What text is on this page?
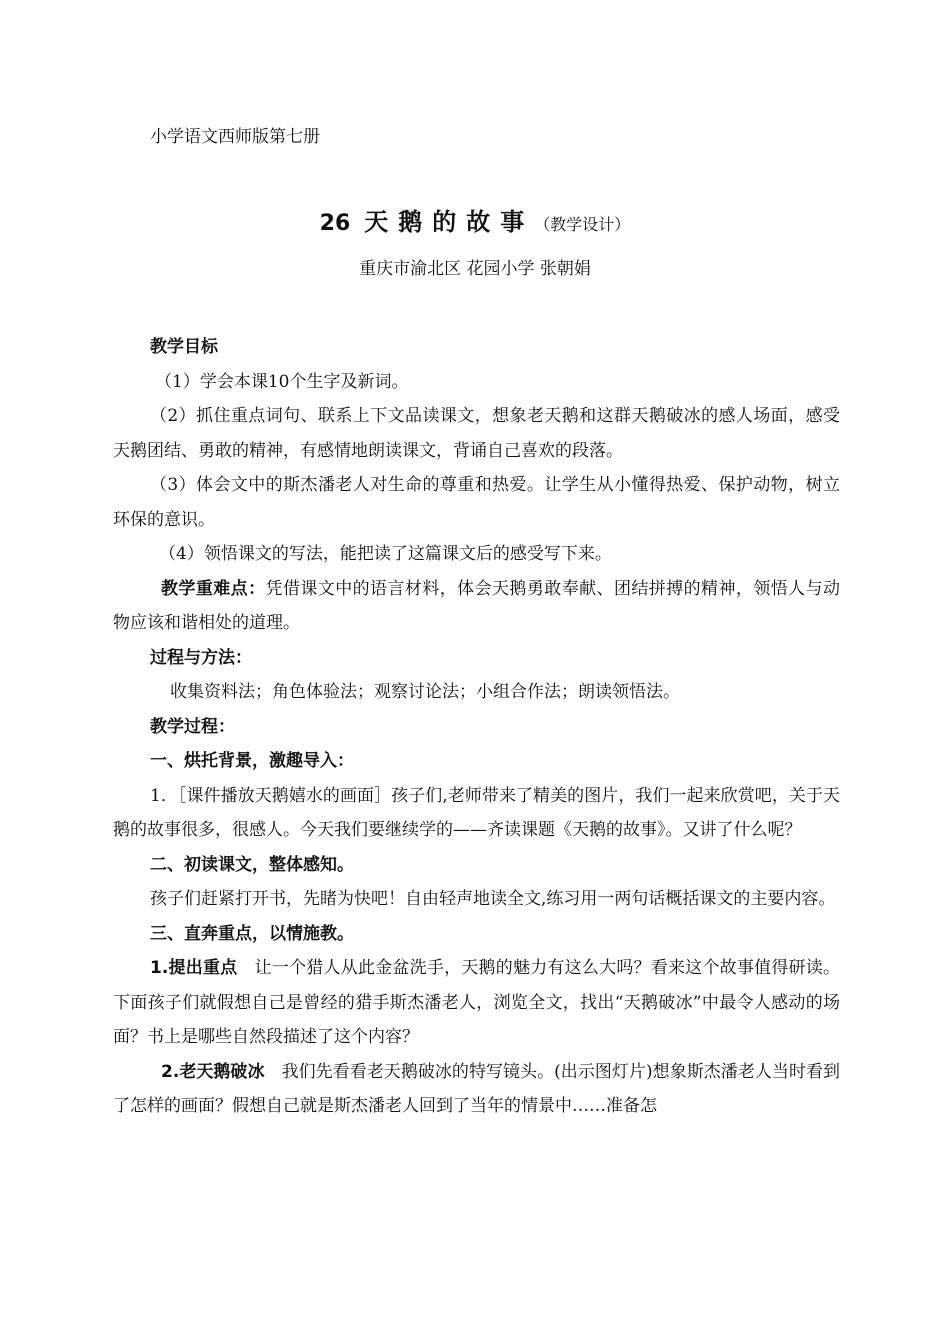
小学语文西师版第七册
26 天鹅的故事（教学设计）
重庆市渝北区 花园小学 张朝娟

教学目标

（1）学会本课10个生字及新词。

（2）抓住重点词句、联系上下文品读课文，想象老天鹅和这群天鹅破冰的感人场面，感受天鹅团结、勇敢的精神，有感情地朗读课文，背诵自己喜欢的段落。

（3）体会文中的斯杰潘老人对生命的尊重和热爱。让学生从小懂得热爱、保护动物，树立环保的意识。

（4）领悟课文的写法，能把读了这篇课文后的感受写下来。

教学重难点：凭借课文中的语言材料，体会天鹅勇敢奉献、团结拼搏的精神，领悟人与动物应该和谐相处的道理。

过程与方法：

收集资料法；角色体验法；观察讨论法；小组合作法；朗读领悟法。

教学过程：

一、烘托背景，激趣导入：

1．［课件播放天鹅嬉水的画面］孩子们,老师带来了精美的图片，我们一起来欣赏吧，关于天鹅的故事很多，很感人。今天我们要继续学的——齐读课题《天鹅的故事》。又讲了什么呢？

二、初读课文，整体感知。

孩子们赶紧打开书，先睹为快吧！自由轻声地读全文,练习用一两句话概括课文的主要内容。

三、直奔重点，以情施教。

1.提出重点　 让一个猎人从此金盆洗手，天鹅的魅力有这么大吗？看来这个故事值得研读。下面孩子们就假想自己是曾经的猎手斯杰潘老人，浏览全文，找出“天鹅破冰”中最令人感动的场面？书上是哪些自然段描述了这个内容？

2.老天鹅破冰　 我们先看看老天鹅破冰的特写镜头。(出示图灯片)想象斯杰潘老人当时看到了怎样的画面？假想自己就是斯杰潘老人回到了当年的情景中……准备怎
